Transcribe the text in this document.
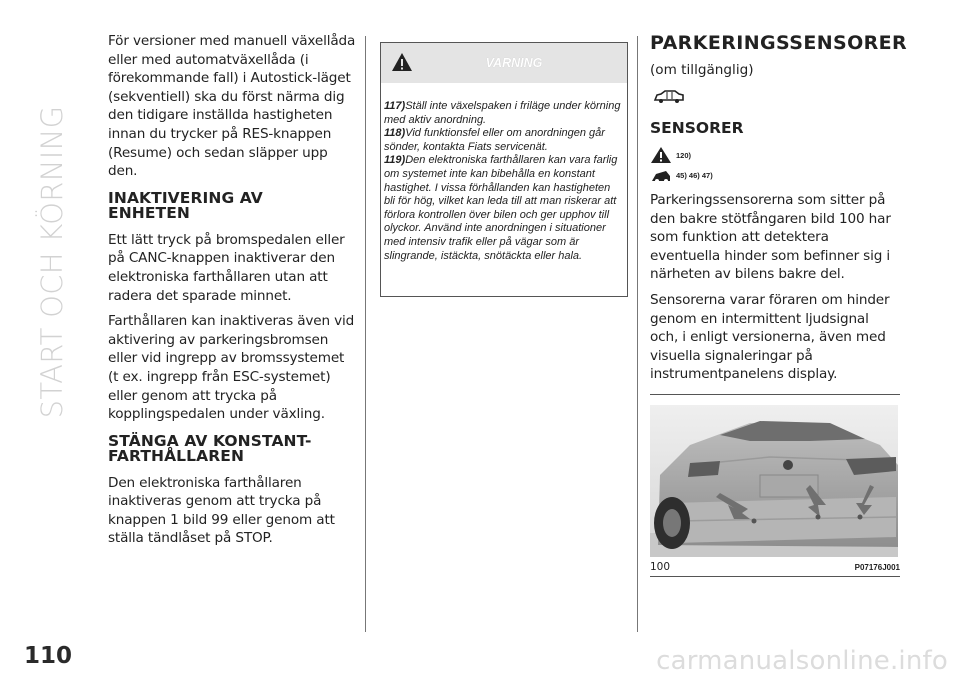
START OCH KÖRNING
110	carmanualsonline.info

För versioner med manuell växellåda eller med automatväxellåda (i förekommande fall) i Autostick-läget (sekventiell) ska du först närma dig den tidigare inställda hastigheten innan du trycker på RES-knappen (Resume) och sedan släpper upp den.

INAKTIVERING AV
ENHETEN

Ett lätt tryck på bromspedalen eller på CANC-knappen inaktiverar den elektroniska farthållaren utan att radera det sparade minnet.

Farthållaren kan inaktiveras även vid aktivering av parkeringsbromsen eller vid ingrepp av bromssystemet (t ex. ingrepp från ESC-systemet) eller genom att trycka på kopplingspedalen under växling.

STÄNGA AV KONSTANT-
FARTHÅLLAREN

Den elektroniska farthållaren inaktiveras genom att trycka på knappen 1 bild 99 eller genom att ställa tändlåset på STOP.

VARNING
117)Ställ inte växelspaken i friläge under körning med aktiv anordning.
118)Vid funktionsfel eller om anordningen går sönder, kontakta Fiats servicenät.
119)Den elektroniska farthållaren kan vara farlig om systemet inte kan bibehålla en konstant hastighet. I vissa förhållanden kan hastigheten bli för hög, vilket kan leda till att man riskerar att förlora kontrollen över bilen och ger upphov till olyckor. Använd inte anordningen i situationer med intensiv trafik eller på vägar som är slingrande, istäckta, snötäckta eller hala.
PARKERINGSSENSORER
(om tillgänglig)
SENSORER
120)
45) 46) 47)

Parkeringssensorerna som sitter på den bakre stötfångaren bild 100 har som funktion att detektera eventuella hinder som befinner sig i närheten av bilens bakre del.

Sensorerna varar föraren om hinder genom en intermittent ljudsignal och, i enligt versionerna, även med visuella signaleringar på instrumentpanelens display.

100	P07176J001
